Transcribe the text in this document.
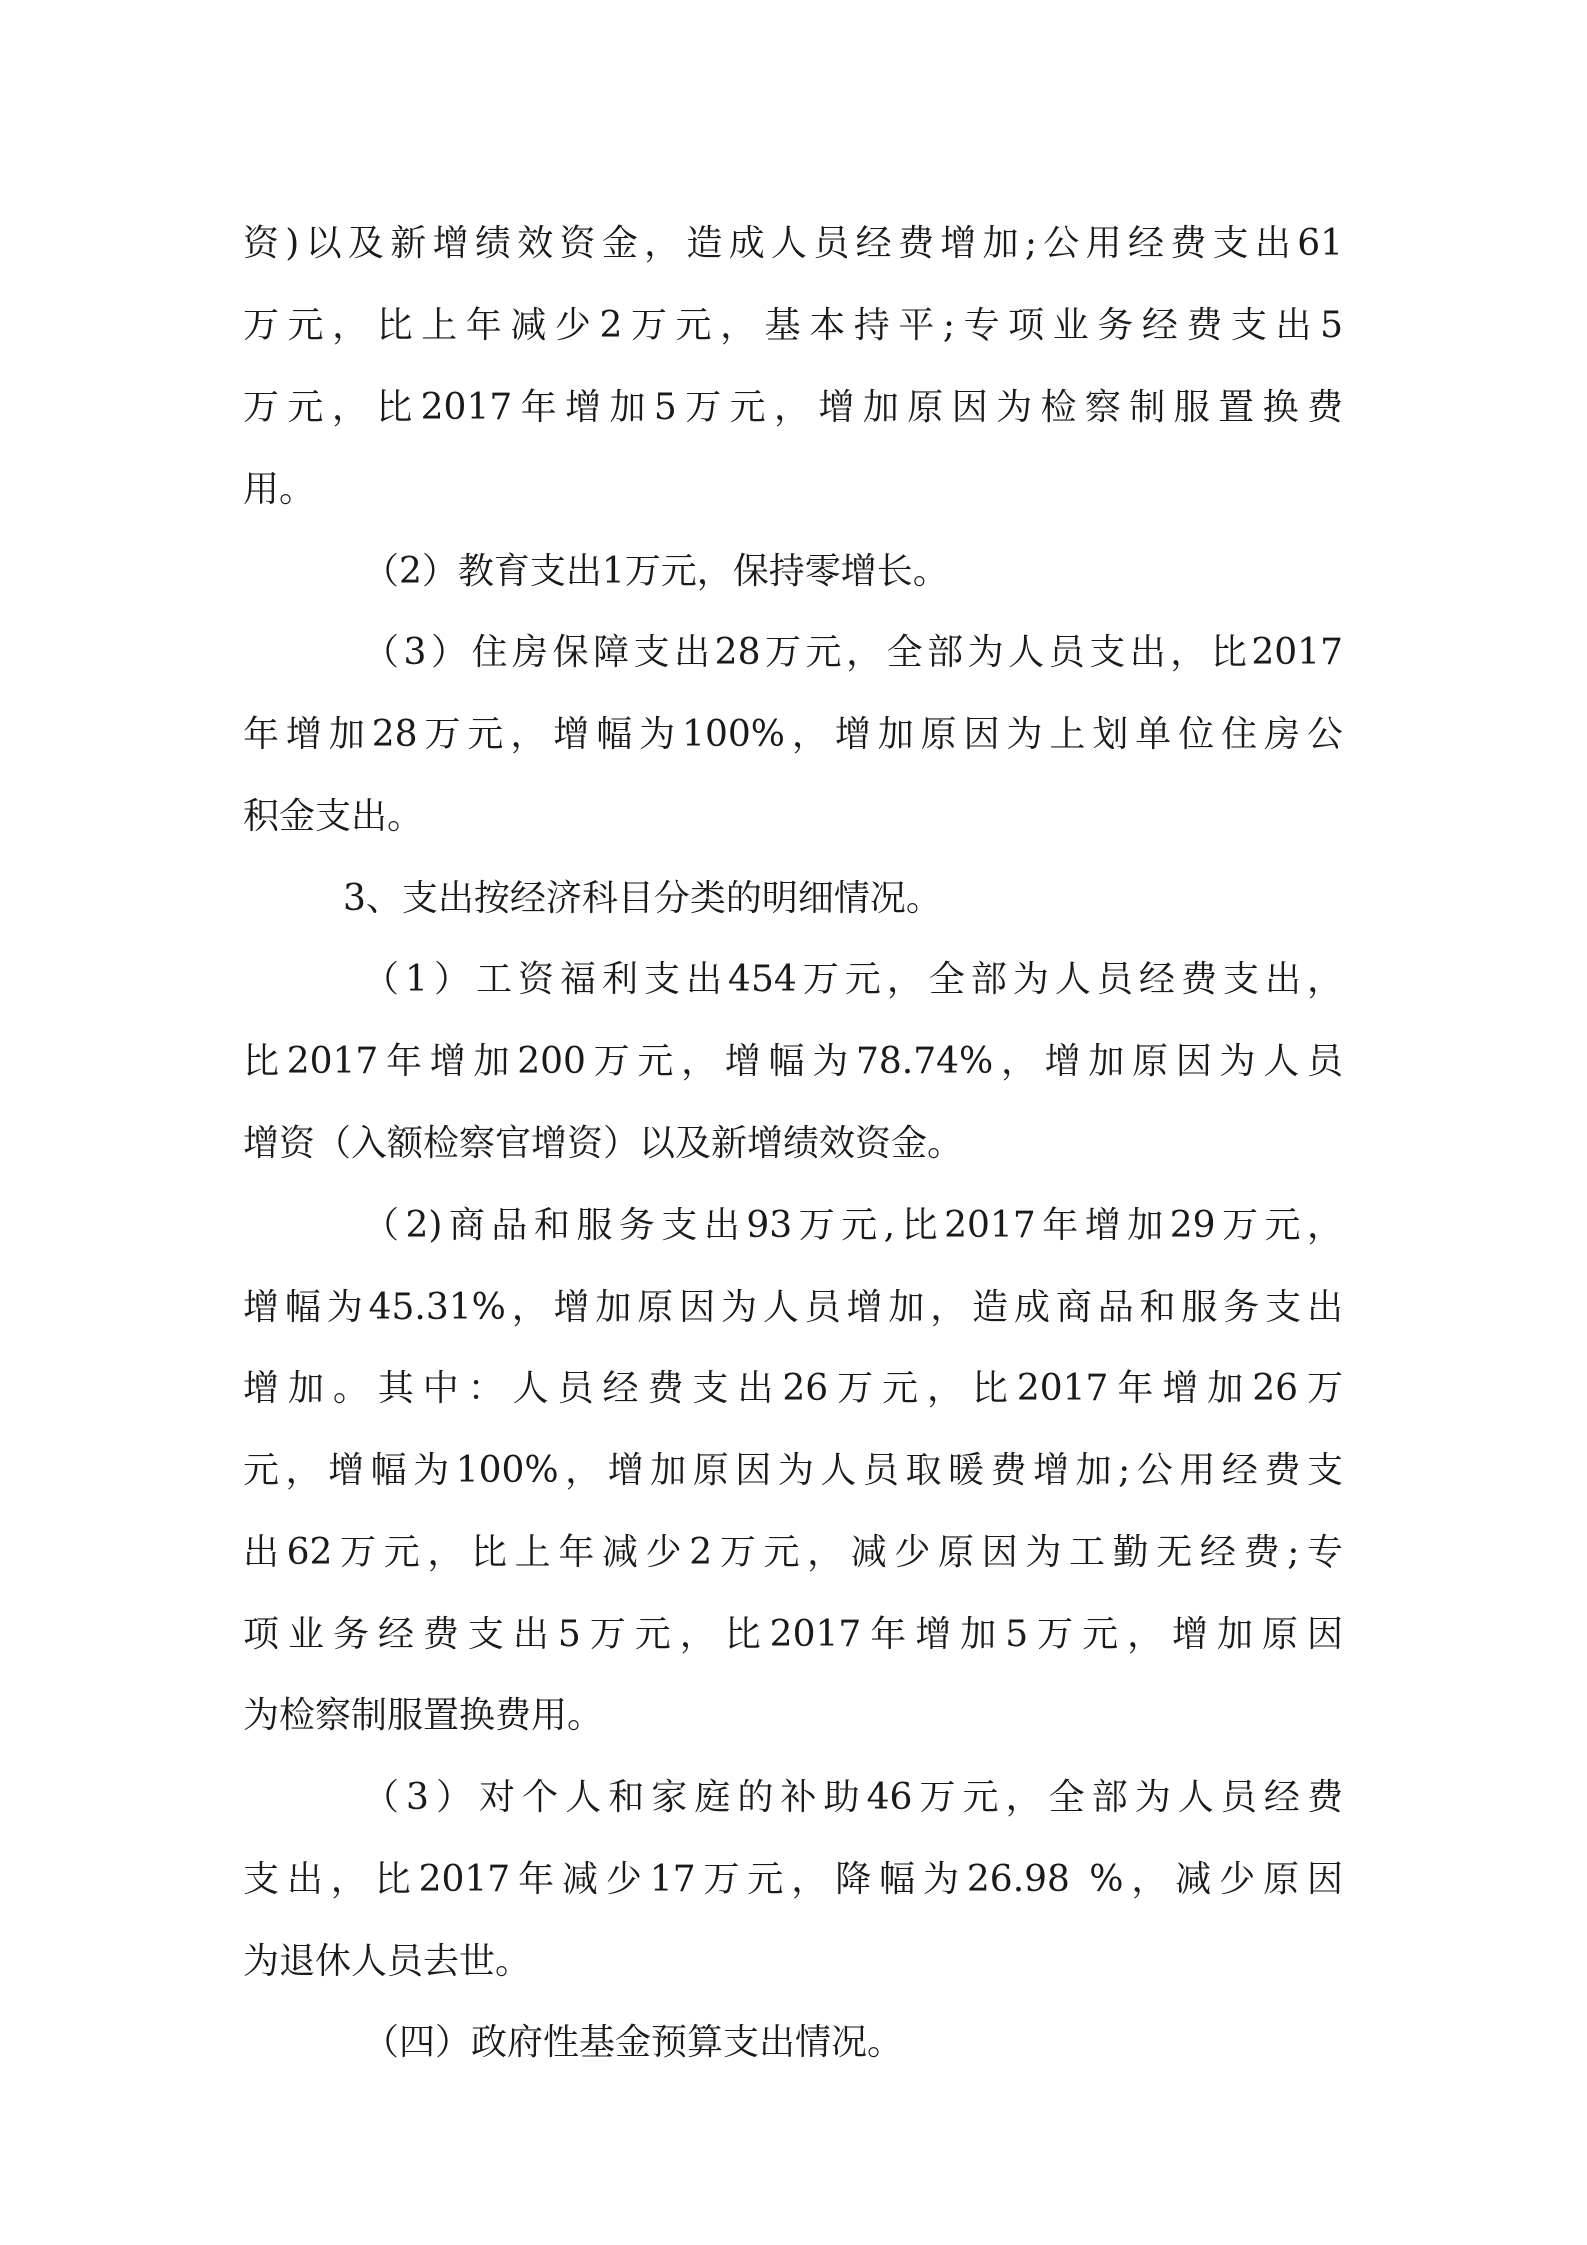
资)以及新增绩效资金，造成人员经费增加;公用经费支出61

万元，比上年减少2万元，基本持平;专项业务经费支出5

万元，比2017年增加5万元，增加原因为检察制服置换费

用。

（2）教育支出1万元，保持零增长。

（3）住房保障支出28万元，全部为人员支出，比2017

年增加28万元，增幅为100%，增加原因为上划单位住房公

积金支出。

3、支出按经济科目分类的明细情况。

（1）工资福利支出454万元，全部为人员经费支出，

比2017年增加200万元，增幅为78.74%，增加原因为人员

增资（入额检察官增资）以及新增绩效资金。

（2)商品和服务支出93万元,比2017年增加29万元，

增幅为45.31%，增加原因为人员增加，造成商品和服务支出

增加。其中：人员经费支出26万元，比2017年增加26万

元，增幅为100%，增加原因为人员取暖费增加;公用经费支

出62万元，比上年减少2万元，减少原因为工勤无经费;专

项业务经费支出5万元，比2017年增加5万元，增加原因

为检察制服置换费用。

（3）对个人和家庭的补助46万元，全部为人员经费

支出，比2017年减少17万元，降幅为26.98 %，减少原因

为退休人员去世。

（四）政府性基金预算支出情况。
